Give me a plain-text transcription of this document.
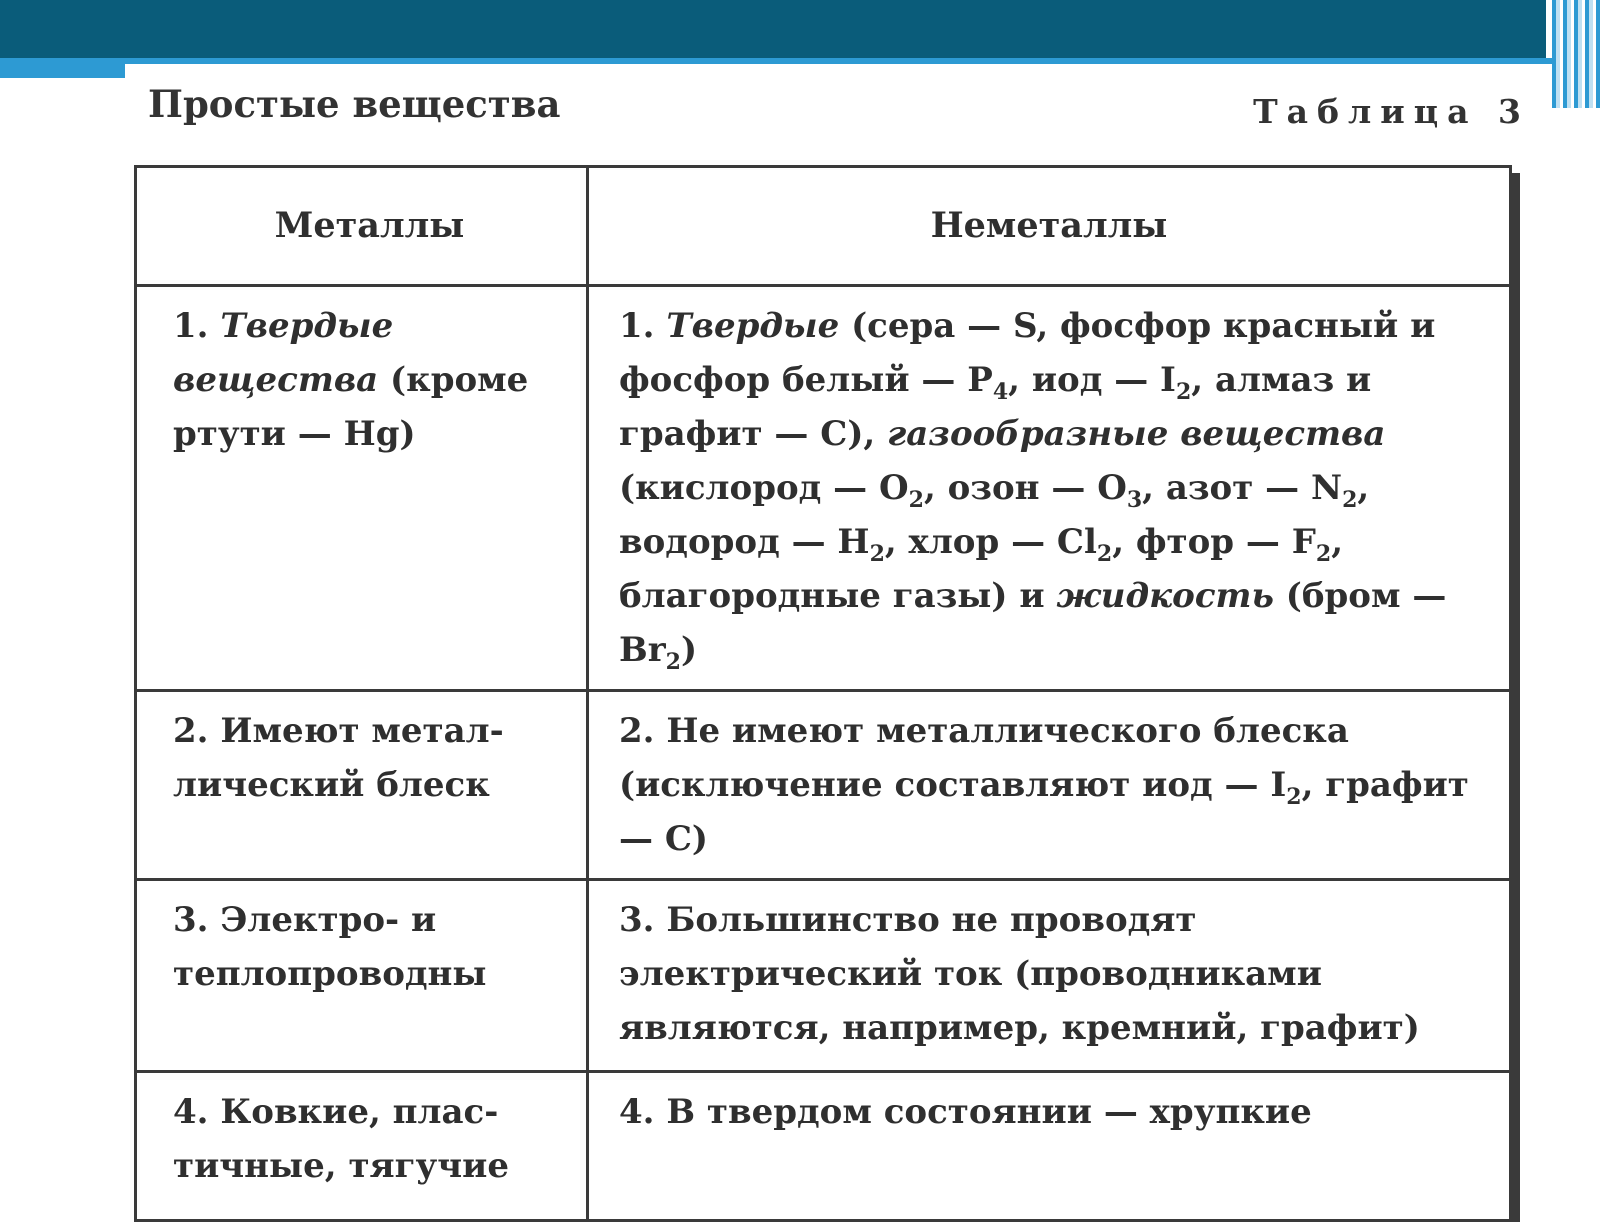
Простые вещества	Таблица 3
Металлы	Неметаллы
1. Твердые вещества (кроме ртути — Hg)	1. Твердые (сера — S, фосфор красный и фосфор белый — $P_4$, иод — $I_2$, алмаз и графит — C), газообразные вещества (кислород — $O_2$, озон — $O_3$, азот — $N_2$, водород — $H_2$, хлор — $Cl_2$, фтор — $F_2$, благородные газы) и жидкость (бром — $Br_2$)
2. Имеют металлический блеск	2. Не имеют металлического блеска (исключение составляют иод — $I_2$, графит — C)
3. Электро- и теплопроводны	3. Большинство не проводят электрический ток (проводниками являются, например, кремний, графит)
4. Ковкие, пластичные, тягучие	4. В твердом состоянии — хрупкие
